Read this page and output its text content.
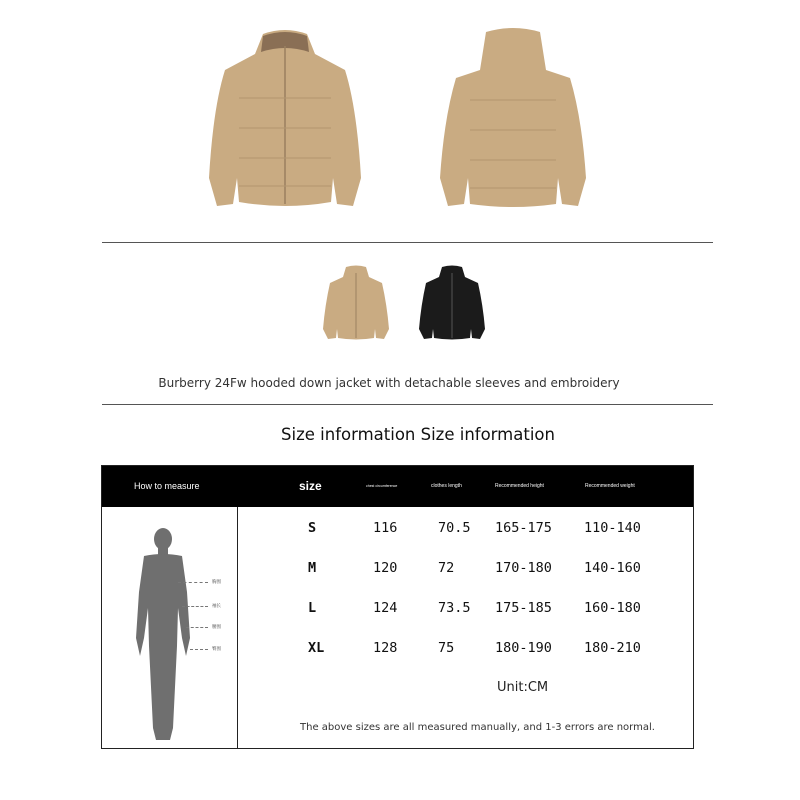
Burberry 24Fw hooded down jacket with detachable sleeves and embroidery
Size information Size information
How to measure	size	chest circumference	clothes length	Recommended height	Recommended weight
胸围
袖长
腰围
臀围
S	116	70.5 165-175 110-140
M	120	72	170-180 140-160
L	124	73.5 175-185 160-180
XL	128	75	180-190 180-210
Unit:CM
The above sizes are all measured manually, and 1-3 errors are normal.
